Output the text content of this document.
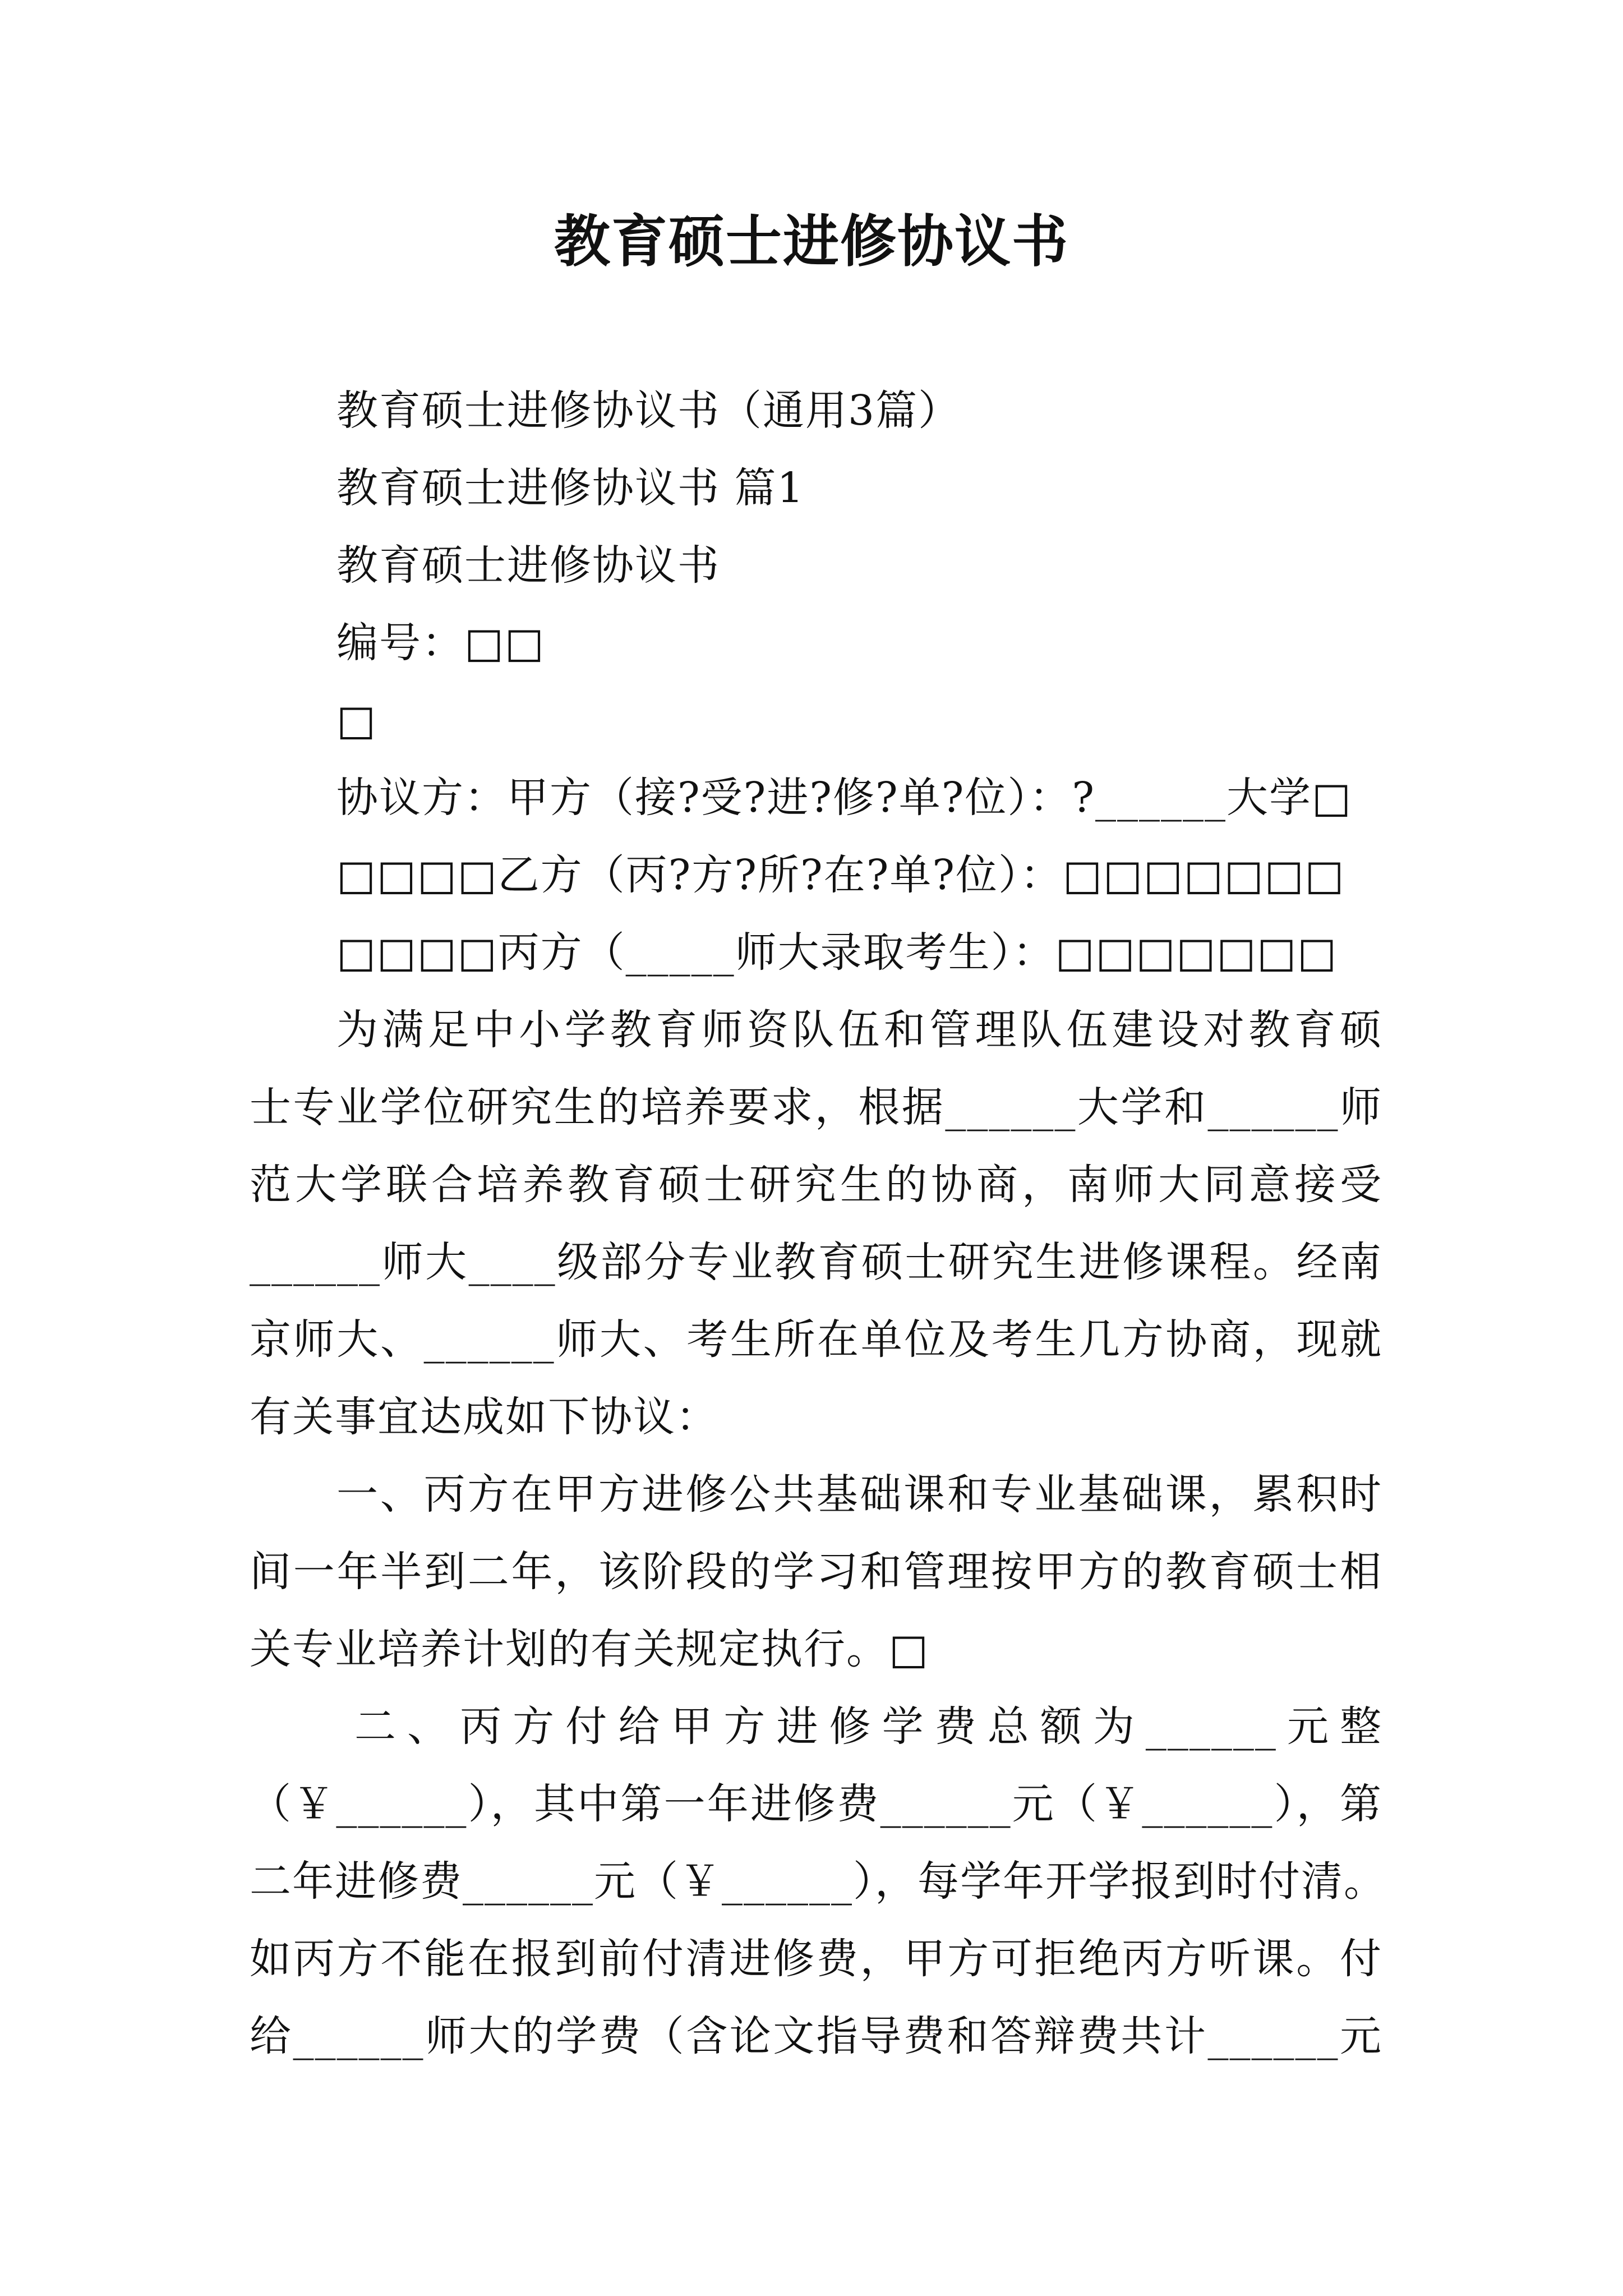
教育硕士进修协议书
教育硕士进修协议书（通用3篇）
教育硕士进修协议书 篇1
教育硕士进修协议书
编号：□□
□
协议方：甲方（接?受?进?修?单?位）：?______大学□
□□□□乙方（丙?方?所?在?单?位）：□□□□□□□
□□□□丙方（_____师大录取考生）：□□□□□□□
为满足中小学教育师资队伍和管理队伍建设对教育硕
士专业学位研究生的培养要求，根据______大学和______师
范大学联合培养教育硕士研究生的协商，南师大同意接受
______师大____级部分专业教育硕士研究生进修课程。经南
京师大、______师大、考生所在单位及考生几方协商，现就
有关事宜达成如下协议：
一、丙方在甲方进修公共基础课和专业基础课，累积时
间一年半到二年，该阶段的学习和管理按甲方的教育硕士相
关专业培养计划的有关规定执行。□
二、丙方付给甲方进修学费总额为______元整
（￥______），其中第一年进修费______元（￥______），第
二年进修费______元（￥______），每学年开学报到时付清。
如丙方不能在报到前付清进修费，甲方可拒绝丙方听课。付
给______师大的学费（含论文指导费和答辩费共计______元
